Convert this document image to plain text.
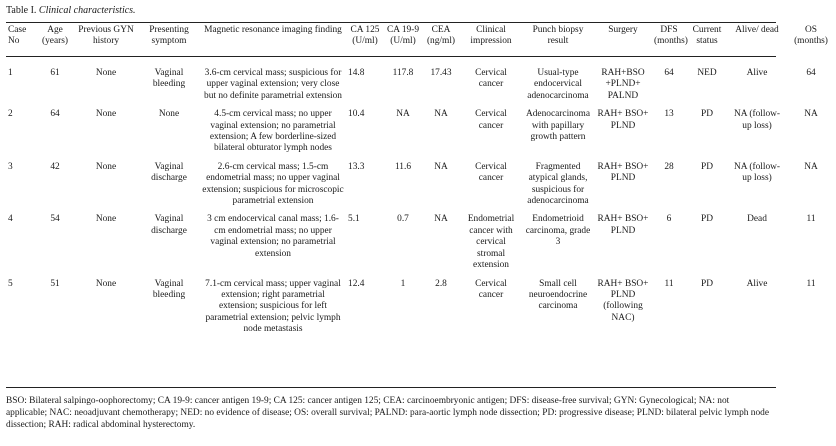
Table I. Clinical characteristics.
Case No	Age (years)	Previous GYN history	Presenting symptom	Magnetic resonance imaging finding	CA 125 (U/ml)	CA 19-9 (U/ml)	CEA (ng/ml)	Clinical impression	Punch biopsy result	Surgery	DFS (months)	Current status	Alive/ dead	OS (months)
1	61	None	Vaginal bleeding	3.6-cm cervical mass; suspicious for upper vaginal extension; very close but no definite parametrial extension	14.8	117.8	17.43	Cervical cancer	Usual-type endocervical adenocarcinoma	RAH+BSO +PLND+ PALND	64	NED	Alive	64
2	64	None	None	4.5-cm cervical mass; no upper vaginal extension; no parametrial extension; A few borderline-sized bilateral obturator lymph nodes	10.4	NA	NA	Cervical cancer	Adenocarcinoma with papillary growth pattern	RAH+ BSO+ PLND	13	PD	NA (follow-up loss)	NA
3	42	None	Vaginal discharge	2.6-cm cervical mass; 1.5-cm endometrial mass; no upper vaginal extension; suspicious for microscopic parametrial extension	13.3	11.6	NA	Cervical cancer	Fragmented atypical glands, suspicious for adenocarcinoma	RAH+ BSO+ PLND	28	PD	NA (follow-up loss)	NA
4	54	None	Vaginal discharge	3 cm endocervical canal mass; 1.6-cm endometrial mass; no upper vaginal extension; no parametrial extension	5.1	0.7	NA	Endometrial cancer with cervical stromal extension	Endometrioid carcinoma, grade 3	RAH+ BSO+ PLND	6	PD	Dead	11
5	51	None	Vaginal bleeding	7.1-cm cervical mass; upper vaginal extension; right parametrial extension; suspicious for left parametrial extension; pelvic lymph node metastasis	12.4	1	2.8	Cervical cancer	Small cell neuroendocrine carcinoma	RAH+ BSO+ PLND (following NAC)	11	PD	Alive	11
BSO: Bilateral salpingo-oophorectomy; CA 19-9: cancer antigen 19-9; CA 125: cancer antigen 125; CEA: carcinoembryonic antigen; DFS: disease-free survival; GYN: Gynecological; NA: not applicable; NAC: neoadjuvant chemotherapy; NED: no evidence of disease; OS: overall survival; PALND: para-aortic lymph node dissection; PD: progressive disease; PLND: bilateral pelvic lymph node dissection; RAH: radical abdominal hysterectomy.
